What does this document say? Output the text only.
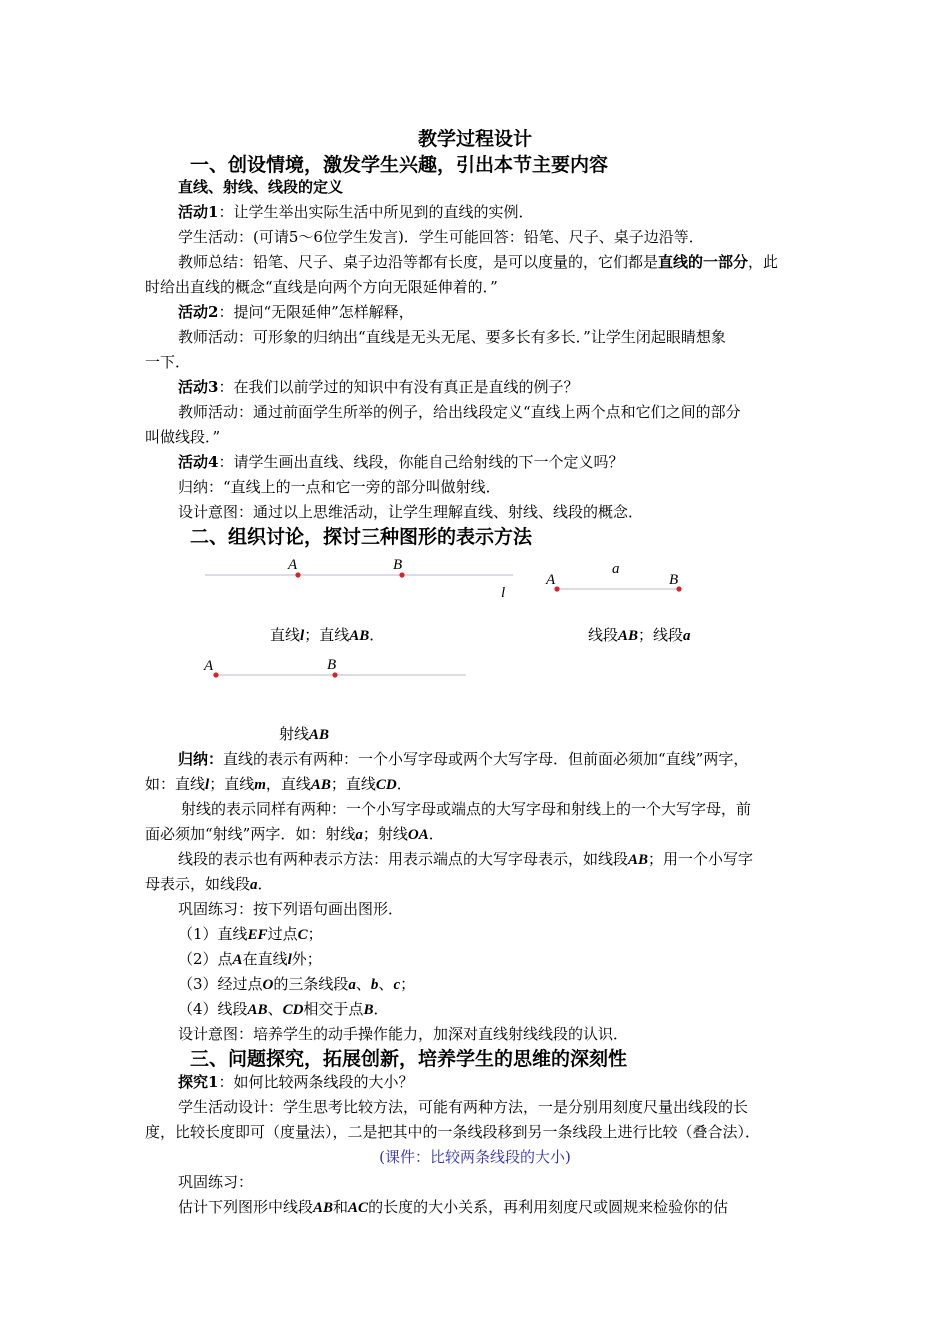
教学过程设计
一、创设情境，激发学生兴趣，引出本节主要内容
直线、射线、线段的定义
活动1：让学生举出实际生活中所见到的直线的实例．
学生活动：(可请5～6位学生发言)．学生可能回答：铅笔、尺子、桌子边沿等．
教师总结：铅笔、尺子、桌子边沿等都有长度，是可以度量的，它们都是直线的一部分，此
时给出直线的概念“直线是向两个方向无限延伸着的．”
活动2：提问“无限延伸”怎样解释，
教师活动：可形象的归纳出“直线是无头无尾、要多长有多长．”让学生闭起眼睛想象
一下．
活动3：在我们以前学过的知识中有没有真正是直线的例子？
教师活动：通过前面学生所举的例子，给出线段定义“直线上两个点和它们之间的部分
叫做线段．”
活动4：请学生画出直线、线段，你能自己给射线的下一个定义吗？
归纳：“直线上的一点和它一旁的部分叫做射线．
设计意图：通过以上思维活动，让学生理解直线、射线、线段的概念．
二、组织讨论，探讨三种图形的表示方法
A	B
l
A	B
a
A	B
直线l；直线AB．	线段AB；线段a
射线AB
归纳：直线的表示有两种：一个小写字母或两个大写字母．但前面必须加“直线”两字，
如：直线l；直线m，直线AB；直线CD．
射线的表示同样有两种：一个小写字母或端点的大写字母和射线上的一个大写字母，前
面必须加“射线”两字．如：射线a；射线OA．
线段的表示也有两种表示方法：用表示端点的大写字母表示，如线段AB；用一个小写字
母表示，如线段a．
巩固练习：按下列语句画出图形．
（1）直线EF过点C；
（2）点A在直线l外；
（3）经过点O的三条线段a、b、c；
（4）线段AB、CD相交于点B．
设计意图：培养学生的动手操作能力，加深对直线射线线段的认识．
三、问题探究，拓展创新，培养学生的思维的深刻性
探究1：如何比较两条线段的大小？
学生活动设计：学生思考比较方法，可能有两种方法，一是分别用刻度尺量出线段的长
度，比较长度即可（度量法），二是把其中的一条线段移到另一条线段上进行比较（叠合法）．
(课件：比较两条线段的大小)
巩固练习：
估计下列图形中线段AB和AC的长度的大小关系，再利用刻度尺或圆规来检验你的估
